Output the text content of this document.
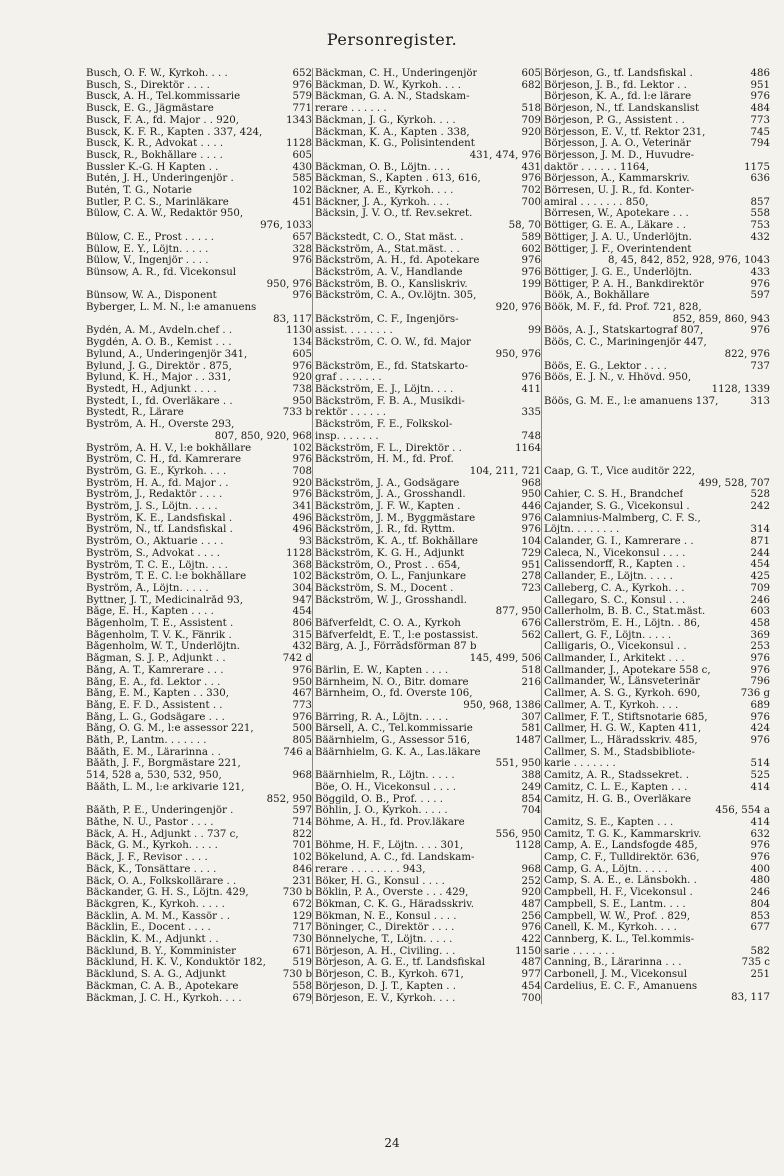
Personregister.
Busch, O. F. W., Kyrkoh. . . .	652
Busch, S., Direktör . . . .	976
Busck, A. H., Tel.kommissarie	579
Busck, E. G., Jägmästare	771
Busck, F. A., fd. Major . . 920,	1343
Busck, K. F. R., Kapten . 337, 424,
Busck, K. R., Advokat . . . .	1128
Busck, R., Bokhållare . . . .	605
Bussler K.-G. H Kapten . .	430
Butén, J. H., Underingenjör .	585
Butén, T. G., Notarie	102
Butler, P. C. S., Marinläkare	451
Bülow, C. A. W., Redaktör 950,
976, 1033
Bülow, C. E., Prost . . . . .	657
Bülow, E. Y., Löjtn. . . . .	328
Bülow, V., Ingenjör . . . .	976
Bünsow, A. R., fd. Vicekonsul
950, 976
Bünsow, W. A., Disponent	976
Byberger, L. M. N., l:e amanuens
83, 117
Bydén, A. M., Avdeln.chef . .	1130
Bygdén, A. O. B., Kemist . . .	134
Bylund, A., Underingenjör 341,	605
Bylund, J. G., Direktör . 875,	976
Bylund, K. H., Major . . 331,	920
Bystedt, H., Adjunkt . . . .	738
Bystedt, I., fd. Överläkare . .	950
Bystedt, R., Lärare	733 b
Byström, A. H., Överste 293,
807, 850, 920, 968
Byström, A. H. V., l:e bokhållare	102
Byström, C. H., fd. Kamrerare	976
Byström, G. E., Kyrkoh. . . .	708
Byström, H. A., fd. Major . .	920
Byström, J., Redaktör . . . .	976
Byström, J. S., Löjtn. . . . .	341
Byström, K. E., Landsfiskal .	496
Byström, N., tf. Landsfiskal .	496
Byström, O., Aktuarie . . . .	93
Byström, S., Advokat . . . .	1128
Byström, T. C. E., Löjtn. . . .	368
Byström, T. E. C. l:e bokhållare	102
Byström, Å., Löjtn. . . . .	304
Byttner, J. T., Medicinalråd 93,	947
Båge, E. H., Kapten . . . .	454
Bågenholm, T. E., Assistent .	806
Bågenholm, T. V. K., Fänrik .	315
Bågenholm, W. T., Underlöjtn.	432
Bågman, S. J. P., Adjunkt . .	742 d
Bång, A. T., Kamrerare . . .	976
Bång, E. A., fd. Lektor . . .	950
Bång, E. M., Kapten . . 330,	467
Bång, E. F. D., Assistent . .	773
Bång, L. G., Godsägare . . .	976
Bång, O. G. M., l:e assessor 221,	500
Båth, P., Lantm. . . . . . .	805
Bååth, E. M., Lärarinna . .	746 a
Bååth, J. F., Borgmästare 221,
514, 528 a, 530, 532, 950,	968
Bååth, L. M., l:e arkivarie 121,
852, 950
Bååth, P. E., Underingenjör .	597
Båthe, N. U., Pastor . . . .	714
Bäck, A. H., Adjunkt . . 737 c,	822
Bäck, G. M., Kyrkoh. . . . .	701
Bäck, J. F., Revisor . . . .	102
Bäck, K., Tonsättare . . . .	846
Bäck, O. A., Folkskollärare . .	231
Bäckander, G. H. S., Löjtn. 429,	730 b
Bäckgren, K., Kyrkoh. . . . .	672
Bäcklin, A. M. M., Kassör . .	129
Bäcklin, E., Docent . . . .	717
Bäcklin, K. M., Adjunkt . .	730
Bäcklund, B. Y., Komminister	671
Bäcklund, H. K. V., Konduktör 182,	519
Bäcklund, S. A. G., Adjunkt	730 b
Bäckman, C. A. B., Apotekare	558
Bäckman, J. C. H., Kyrkoh. . . .	679
Bäckman, C. H., Underingenjör	605
Bäckman, D. W., Kyrkoh. . . .	682
Bäckman, G. A. N., Stadskam-
rerare . . . . . .	518
Bäckman, J. G., Kyrkoh. . . .	709
Bäckman, K. A., Kapten . 338,	920
Bäckman, K. G., Polisintendent
431, 474, 976
Bäckman, O. B., Löjtn. . . .	431
Bäckman, S., Kapten . 613, 616,	976
Bäckner, A. E., Kyrkoh. . . .	702
Bäckner, J. A., Kyrkoh. . . .	700
Bäcksin, J. V. O., tf. Rev.sekret.
58, 70
Bäckstedt, C. O., Stat mäst. .	589
Bäckström, A., Stat.mäst. . .	602
Bäckström, A. H., fd. Apotekare	976
Bäckström, A. V., Handlande	976
Bäckström, B. O., Kansliskriv.	199
Bäckström, C. A., Öv.löjtn. 305,
920, 976
Bäckström, C. F., Ingenjörs-
assist. . . . . . . .	99
Bäckström, C. O. W., fd. Major
950, 976
Bäckström, E., fd. Statskarto-
graf . . . . . . .	976
Bäckström, E. J., Löjtn. . . .	411
Bäckström, F. B. A., Musikdi-
rektör . . . . . .	335
Bäckström, F. E., Folkskol-
insp. . . . . . .	748
Bäckström, F. L., Direktör . .	1164
Bäckström, H. M., fd. Prof.
104, 211, 721
Bäckström, J. A., Godsägare	968
Bäckström, J. A., Grosshandl.	950
Bäckström, J. F. W., Kapten .	446
Bäckström, J. M., Byggmästare	976
Bäckström, J. R., fd. Ryttm.	976
Bäckström, K. A., tf. Bokhållare	104
Bäckström, K. G. H., Adjunkt	729
Bäckström, O., Prost . . 654,	951
Bäckström, O. L., Fanjunkare	278
Bäckström, S. M., Docent .	723
Bäckström, W. J., Grosshandl.
877, 950
Bäfverfeldt, C. O. A., Kyrkoh	676
Bäfverfeldt, E. T., l:e postassist.	562
Bärg, A. J., Förrådsförman 87 b
145, 499, 506
Bärlin, E. W., Kapten . . . .	518
Bärnheim, N. O., Bitr. domare	216
Bärnheim, O., fd. Överste 106,
950, 968, 1386
Bärring, R. A., Löjtn. . . . .	307
Bärsell, A. C., Tel.kommissarie	581
Bäärnhielm, G., Assessor 516,	1487
Bäärnhielm, G. K. A., Las.läkare
551, 950
Bäärnhielm, R., Löjtn. . . . .	388
Böe, O. H., Vicekonsul . . . .	249
Böggild, O. B., Prof. . . . .	854
Böhlin, J. O., Kyrkoh. . . . .	704
Böhme, A. H., fd. Prov.läkare
556, 950
Böhme, H. F., Löjtn. . . . 301,	1128
Bökelund, A. C., fd. Landskam-
rerare . . . . . . . . 943,	968
Böker, H. G., Konsul . . . .	252
Böklin, P. A., Överste . . . 429,	920
Bökman, C. K. G., Häradsskriv.	487
Bökman, N. E., Konsul . . . .	256
Böninger, C., Direktör . . . .	976
Bönnelyche, T., Löjtn. . . . .	422
Börjeson, A. H., Civiling. . .	1150
Börjeson, A. G. E., tf. Landsfiskal	487
Börjeson, C. B., Kyrkoh. 671,	977
Börjeson, D. J. T., Kapten . .	454
Börjeson, E. V., Kyrkoh. . . .	700
Börjeson, G., tf. Landsfiskal .	486
Börjeson, J. B., fd. Lektor . .	951
Börjeson, K. A., fd. l:e lärare	976
Börjeson, N., tf. Landskanslist	484
Börjeson, P. G., Assistent . .	773
Börjesson, E. V., tf. Rektor 231,	745
Börjesson, J. A. O., Veterinär	794
Börjesson, J. M. D., Huvudre-
daktör . . . . . . 1164,	1175
Börjesson, Å., Kammarskriv.	636
Börresen, U. J. R., fd. Konter-
amiral . . . . . . . 850,	857
Börresen, W., Apotekare . . .	558
Böttiger, G. E. A., Läkare . .	753
Böttiger, J. A. U., Underlöjtn.	432
Böttiger, J. F., Överintendent
8, 45, 842, 852, 928, 976, 1043
Böttiger, J. G. E., Underlöjtn.	433
Böttiger, P. A. H., Bankdirektör	976
Böök, A., Bokhållare	597
Böök, M. F., fd. Prof. 721, 828,
852, 859, 860, 943
Böös, A. J., Statskartograf 807,	976
Böös, C. C., Mariningenjör 447,
822, 976
Böös, E. G., Lektor . . . .	737
Böös, E. J. N., v. Hhövd. 950,
1128, 1339
Böös, G. M. E., l:e amanuens 137,	313
Caap, G. T., Vice auditör 222,
499, 528, 707
Cahier, C. S. H., Brandchef	528
Cajander, S. G., Vicekonsul .	242
Calamnius-Malmberg, C. F. S.,
Löjtn. . . . . . . .	314
Calander, G. I., Kamrerare . .	871
Caleca, N., Vicekonsul . . . .	244
Calissendorff, R., Kapten . .	454
Callander, E., Löjtn. . . . .	425
Calleberg, C. A., Kyrkoh. . .	709
Callegaro, S. C., Konsul . . .	246
Callerholm, B. B. C., Stat.mäst.	603
Callerström, E. H., Löjtn. . 86,	458
Callert, G. F., Löjtn. . . . .	369
Calligaris, O., Vicekonsul . .	253
Callmander, I., Arkitekt . . .	976
Callmander, J., Apotekare 558 c,	976
Callmander, W., Länsveterinär	796
Callmer, A. S. G., Kyrkoh. 690,	736 g
Callmer, A. T., Kyrkoh. . . .	689
Callmer, F. T., Stiftsnotarie 685,	976
Callmer, H. G. W., Kapten 411,	424
Callmer, L., Häradsskriv. 485,	976
Callmer, S. M., Stadsbibliote-
karie . . . . . . .	514
Camitz, A. R., Stadssekret. .	525
Camitz, C. L. E., Kapten . . .	414
Camitz, H. G. B., Överläkare
456, 554 a
Camitz, S. E., Kapten . . .	414
Camitz, T. G. K., Kammarskriv.	632
Camp, A. E., Landsfogde 485,	976
Camp, C. F., Tulldirektör. 636,	976
Camp, G. A., Löjtn. . . . .	400
Camp, S. A. E., e. Länsbokh. .	480
Campbell, H. F., Vicekonsul .	246
Campbell, S. E., Lantm. . . .	804
Campbell, W. W., Prof. . 829,	853
Canell, K. M., Kyrkoh. . . .	677
Cannberg, K. L., Tel.kommis-
sarie . . . . . . .	582
Canning, B., Lärarinna . . .	735 c
Carbonell, J. M., Vicekonsul	251
Cardelius, E. C. F., Amanuens
83, 117
24
